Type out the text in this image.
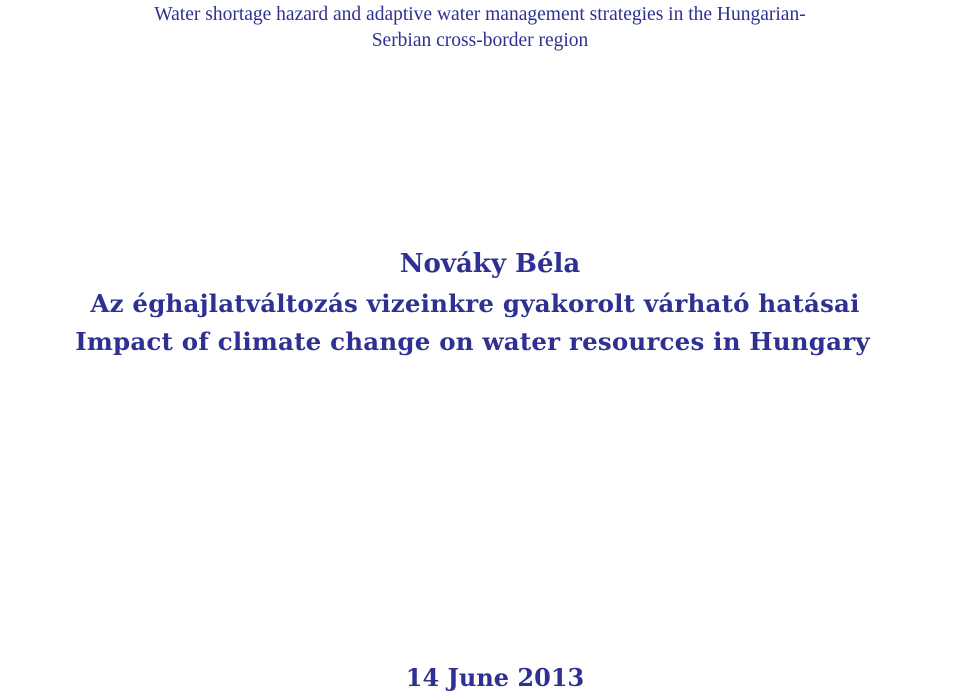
Water shortage hazard and adaptive water management strategies in the Hungarian-
Serbian cross-border region
Nováky Béla
Az éghajlatváltozás vizeinkre gyakorolt várható hatásai
Impact of climate change on water resources in Hungary
14 June 2013
